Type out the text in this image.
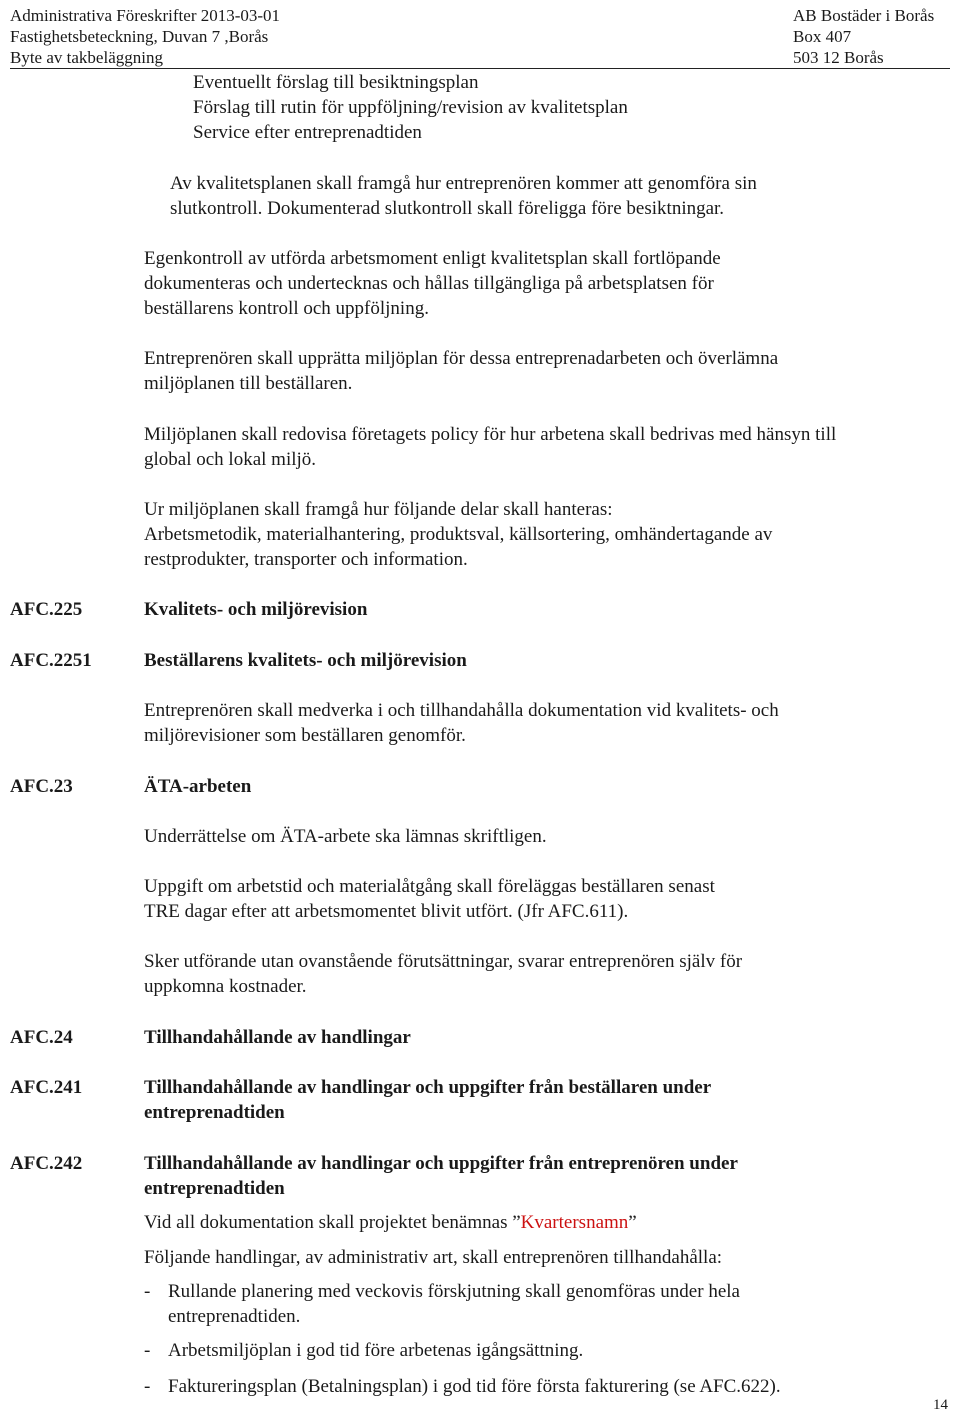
Administrativa Föreskrifter 2013-03-01
Fastighetsbeteckning, Duvan 7 ,Borås
Byte av takbeläggning
AB Bostäder i Borås
Box 407
503 12 Borås
Eventuellt förslag till besiktningsplan
Förslag till rutin för uppföljning/revision av kvalitetsplan
Service efter entreprenadtiden
Av kvalitetsplanen skall framgå hur entreprenören kommer att genomföra sin
slutkontroll. Dokumenterad slutkontroll skall föreligga före besiktningar.
Egenkontroll av utförda arbetsmoment enligt kvalitetsplan skall fortlöpande
dokumenteras och undertecknas och hållas tillgängliga på arbetsplatsen för
beställarens kontroll och uppföljning.
Entreprenören skall upprätta miljöplan för dessa entreprenadarbeten och överlämna
miljöplanen till beställaren.
Miljöplanen skall redovisa företagets policy för hur arbetena skall bedrivas med hänsyn till
global och lokal miljö.
Ur miljöplanen skall framgå hur följande delar skall hanteras:
Arbetsmetodik, materialhantering, produktsval, källsortering, omhändertagande av
restprodukter, transporter och information.
AFC.225	Kvalitets- och miljörevision
AFC.2251	Beställarens kvalitets- och miljörevision
Entreprenören skall medverka i och tillhandahålla dokumentation vid kvalitets- och
miljörevisioner som beställaren genomför.
AFC.23	ÄTA-arbeten
Underrättelse om ÄTA-arbete ska lämnas skriftligen.
Uppgift om arbetstid och materialåtgång skall föreläggas beställaren senast
TRE dagar efter att arbetsmomentet blivit utfört. (Jfr AFC.611).
Sker utförande utan ovanstående förutsättningar, svarar entreprenören själv för
uppkomna kostnader.
AFC.24	Tillhandahållande av handlingar
AFC.241	Tillhandahållande av handlingar och uppgifter från beställaren under
entreprenadtiden
AFC.242	Tillhandahållande av handlingar och uppgifter från entreprenören under
entreprenadtiden
Vid all dokumentation skall projektet benämnas ”Kvartersnamn”
Följande handlingar, av administrativ art, skall entreprenören tillhandahålla:
- Rullande planering med veckovis förskjutning skall genomföras under hela
entreprenadtiden.
- Arbetsmiljöplan i god tid före arbetenas igångsättning.
- Faktureringsplan (Betalningsplan) i god tid före första fakturering (se AFC.622).
14
